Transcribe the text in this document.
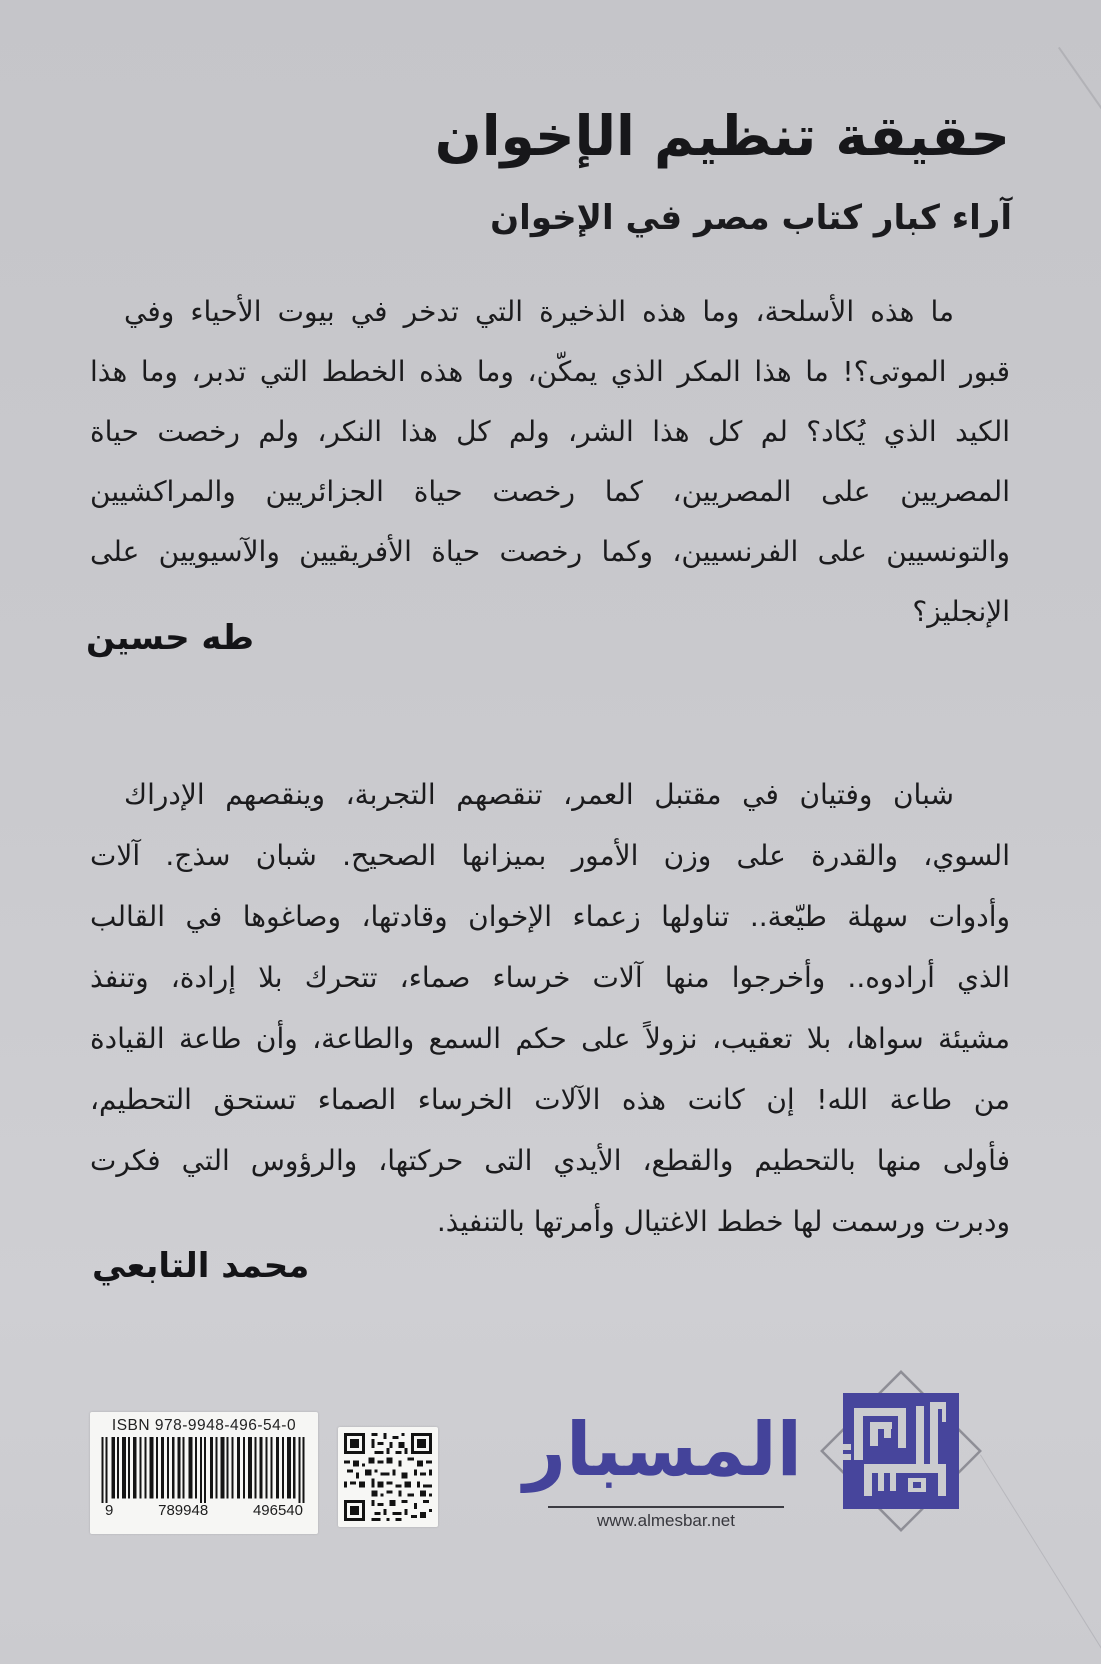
حقيقة تنظيم الإخوان
آراء كبار كتاب مصر في الإخوان
ما هذه الأسلحة، وما هذه الذخيرة التي تدخر في بيوت الأحياء وفي
قبور الموتى؟! ما هذا المكر الذي يمكّن، وما هذه الخطط التي تدبر، وما هذا
الكيد الذي يُكاد؟ لم كل هذا الشر، ولم كل هذا النكر، ولم رخصت حياة
المصريين على المصريين، كما رخصت حياة الجزائريين والمراكشيين
والتونسيين على الفرنسيين، وكما رخصت حياة الأفريقيين والآسيويين على
الإنجليز؟
طه حسين
شبان وفتيان في مقتبل العمر، تنقصهم التجربة، وينقصهم الإدراك
السوي، والقدرة على وزن الأمور بميزانها الصحيح. شبان سذج. آلات
وأدوات سهلة طيّعة.. تناولها زعماء الإخوان وقادتها، وصاغوها في القالب
الذي أرادوه.. وأخرجوا منها آلات خرساء صماء، تتحرك بلا إرادة، وتنفذ
مشيئة سواها، بلا تعقيب، نزولاً على حكم السمع والطاعة، وأن طاعة القيادة
من طاعة الله! إن كانت هذه الآلات الخرساء الصماء تستحق التحطيم،
فأولى منها بالتحطيم والقطع، الأيدي التى حركتها، والرؤوس التي فكرت
ودبرت ورسمت لها خطط الاغتيال وأمرتها بالتنفيذ.
محمد التابعي
ISBN 978-9948-496-54-0
9	789948	496540
المسبار
www.almesbar.net
